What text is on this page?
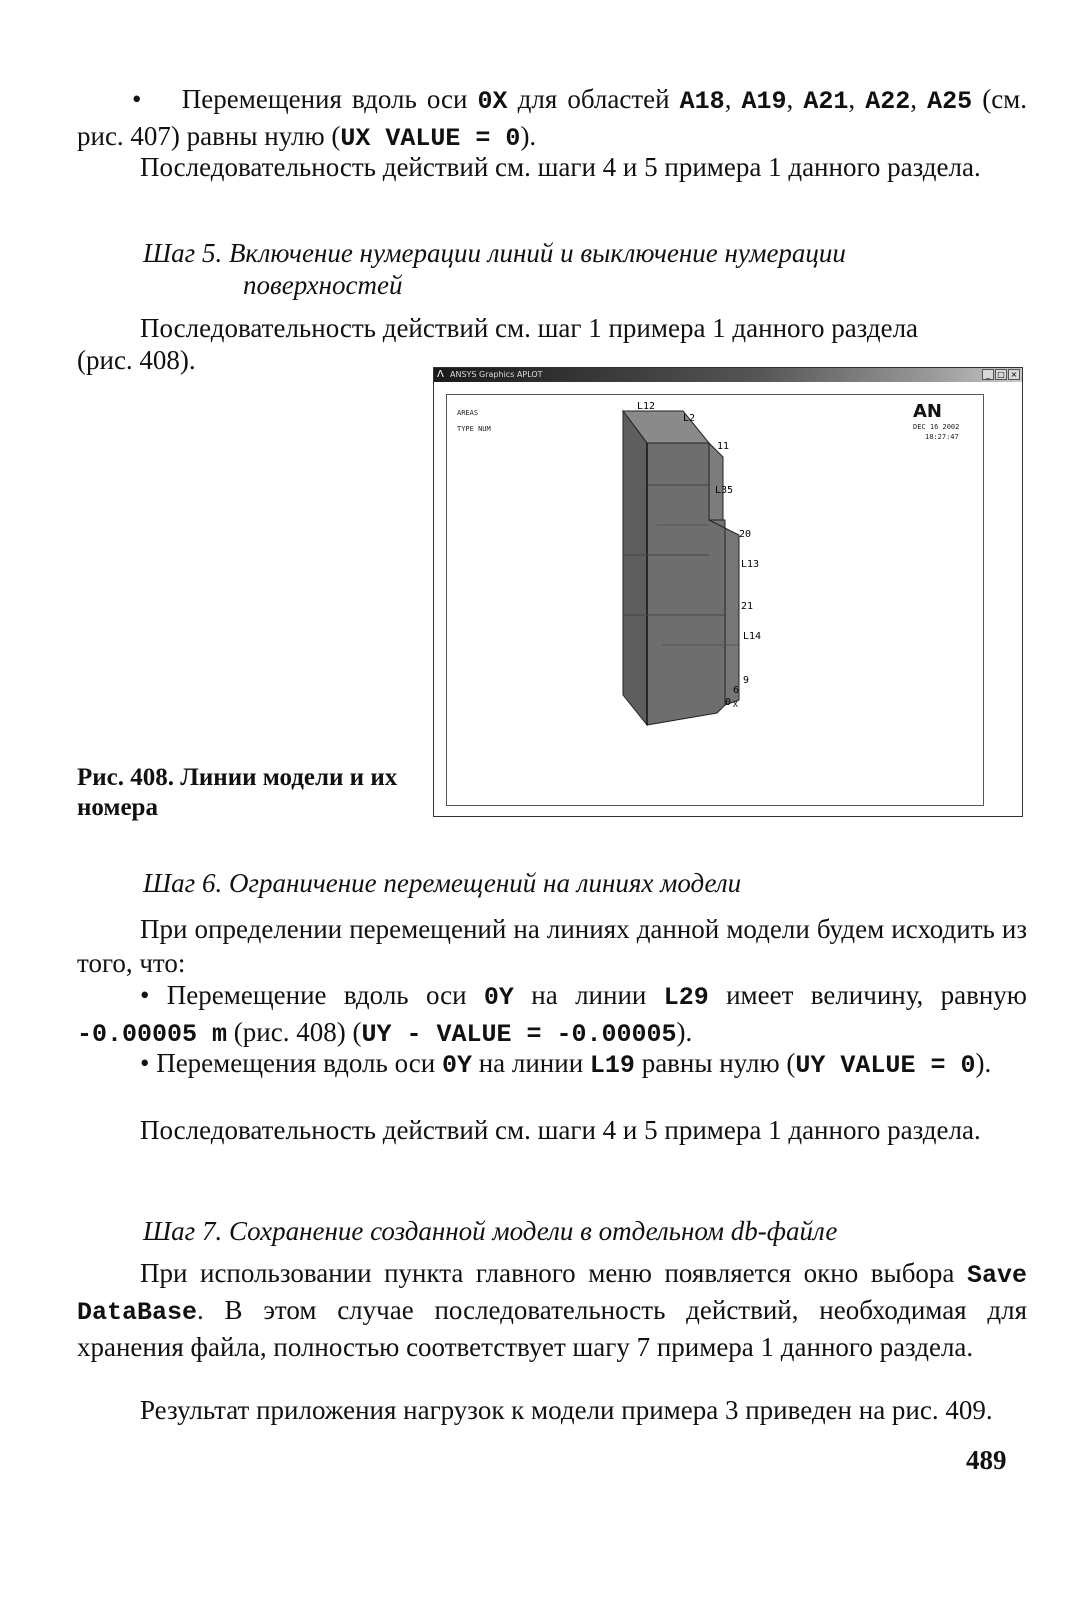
• Перемещения вдоль оси 0X для областей A18, A19, A21, A22, A25 (см. рис. 407) равны нулю (UX VALUE = 0).

Последовательность действий см. шаги 4 и 5 примера 1 данного раздела.

Шаг 5. Включение нумерации линий и выключение нумерации

поверхностей

Последовательность действий см. шаг 1 примера 1 данного раздела

(рис. 408).	Λ ANSYS Graphics APLOT	_ □ ×

AREAS

TYPE NUM

AN

DEC 16 2002

18:27:47

L12
L2
11
L35
20
L13
21
L14
9
6
0 X

Рис. 408. Линии модели и их номера

Шаг 6. Ограничение перемещений на линиях модели

При определении перемещений на линиях данной модели будем исходить из того, что:

• Перемещение вдоль оси 0Y на линии L29 имеет величину, равную -0.00005 m (рис. 408) (UY - VALUE = -0.00005).

• Перемещения вдоль оси 0Y на линии L19 равны нулю (UY VALUE = 0).

Последовательность действий см. шаги 4 и 5 примера 1 данного раздела.

Шаг 7. Сохранение созданной модели в отдельном db-файле

При использовании пункта главного меню появляется окно выбора Save DataBase. В этом случае последовательность действий, необходимая для хранения файла, полностью соответствует шагу 7 примера 1 данного раздела.

Результат приложения нагрузок к модели примера 3 приведен на рис. 409.

489
